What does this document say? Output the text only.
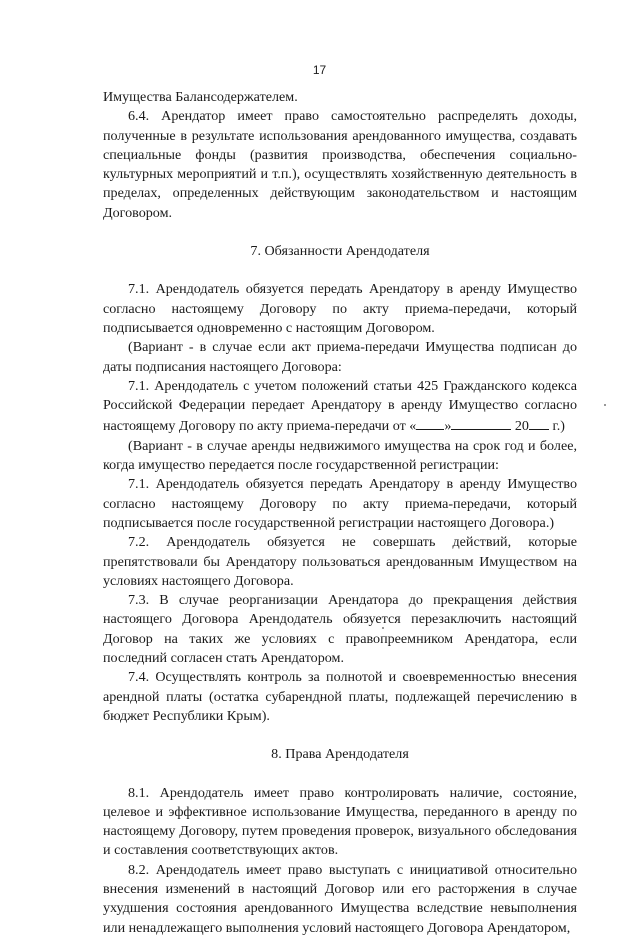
17

Имущества Балансодержателем.

6.4. Арендатор имеет право самостоятельно распределять доходы, полученные в результате использования арендованного имущества, создавать специальные фонды (развития производства, обеспечения социально-культурных мероприятий и т.п.), осуществлять хозяйственную деятельность в пределах, определенных действующим законодательством и настоящим Договором.

7. Обязанности Арендодателя

7.1. Арендодатель обязуется передать Арендатору в аренду Имущество согласно настоящему Договору по акту приема-передачи, который подписывается одновременно с настоящим Договором.

(Вариант - в случае если акт приема-передачи Имущества подписан до даты подписания настоящего Договора:

7.1. Арендодатель с учетом положений статьи 425 Гражданского кодекса Российской Федерации передает Арендатору в аренду Имущество согласно настоящему Договору по акту приема-передачи от « »	20 г.)

(Вариант - в случае аренды недвижимого имущества на срок год и более, когда имущество передается после государственной регистрации:

7.1. Арендодатель обязуется передать Арендатору в аренду Имущество согласно настоящему Договору по акту приема-передачи, который подписывается после государственной регистрации настоящего Договора.)

7.2. Арендодатель обязуется не совершать действий, которые препятствовали бы Арендатору пользоваться арендованным Имуществом на условиях настоящего Договора.

7.3. В случае реорганизации Арендатора до прекращения действия настоящего Договора Арендодатель обязуется перезаключить настоящий Договор на таких же условиях с правопреемником Арендатора, если последний согласен стать Арендатором.

7.4. Осуществлять контроль за полнотой и своевременностью внесения арендной платы (остатка субарендной платы, подлежащей перечислению в бюджет Республики Крым).

8. Права Арендодателя

8.1. Арендодатель имеет право контролировать наличие, состояние, целевое и эффективное использование Имущества, переданного в аренду по настоящему Договору, путем проведения проверок, визуального обследования и составления соответствующих актов.

8.2. Арендодатель имеет право выступать с инициативой относительно внесения изменений в настоящий Договор или его расторжения в случае ухудшения состояния арендованного Имущества вследствие невыполнения или ненадлежащего выполнения условий настоящего Договора Арендатором,
